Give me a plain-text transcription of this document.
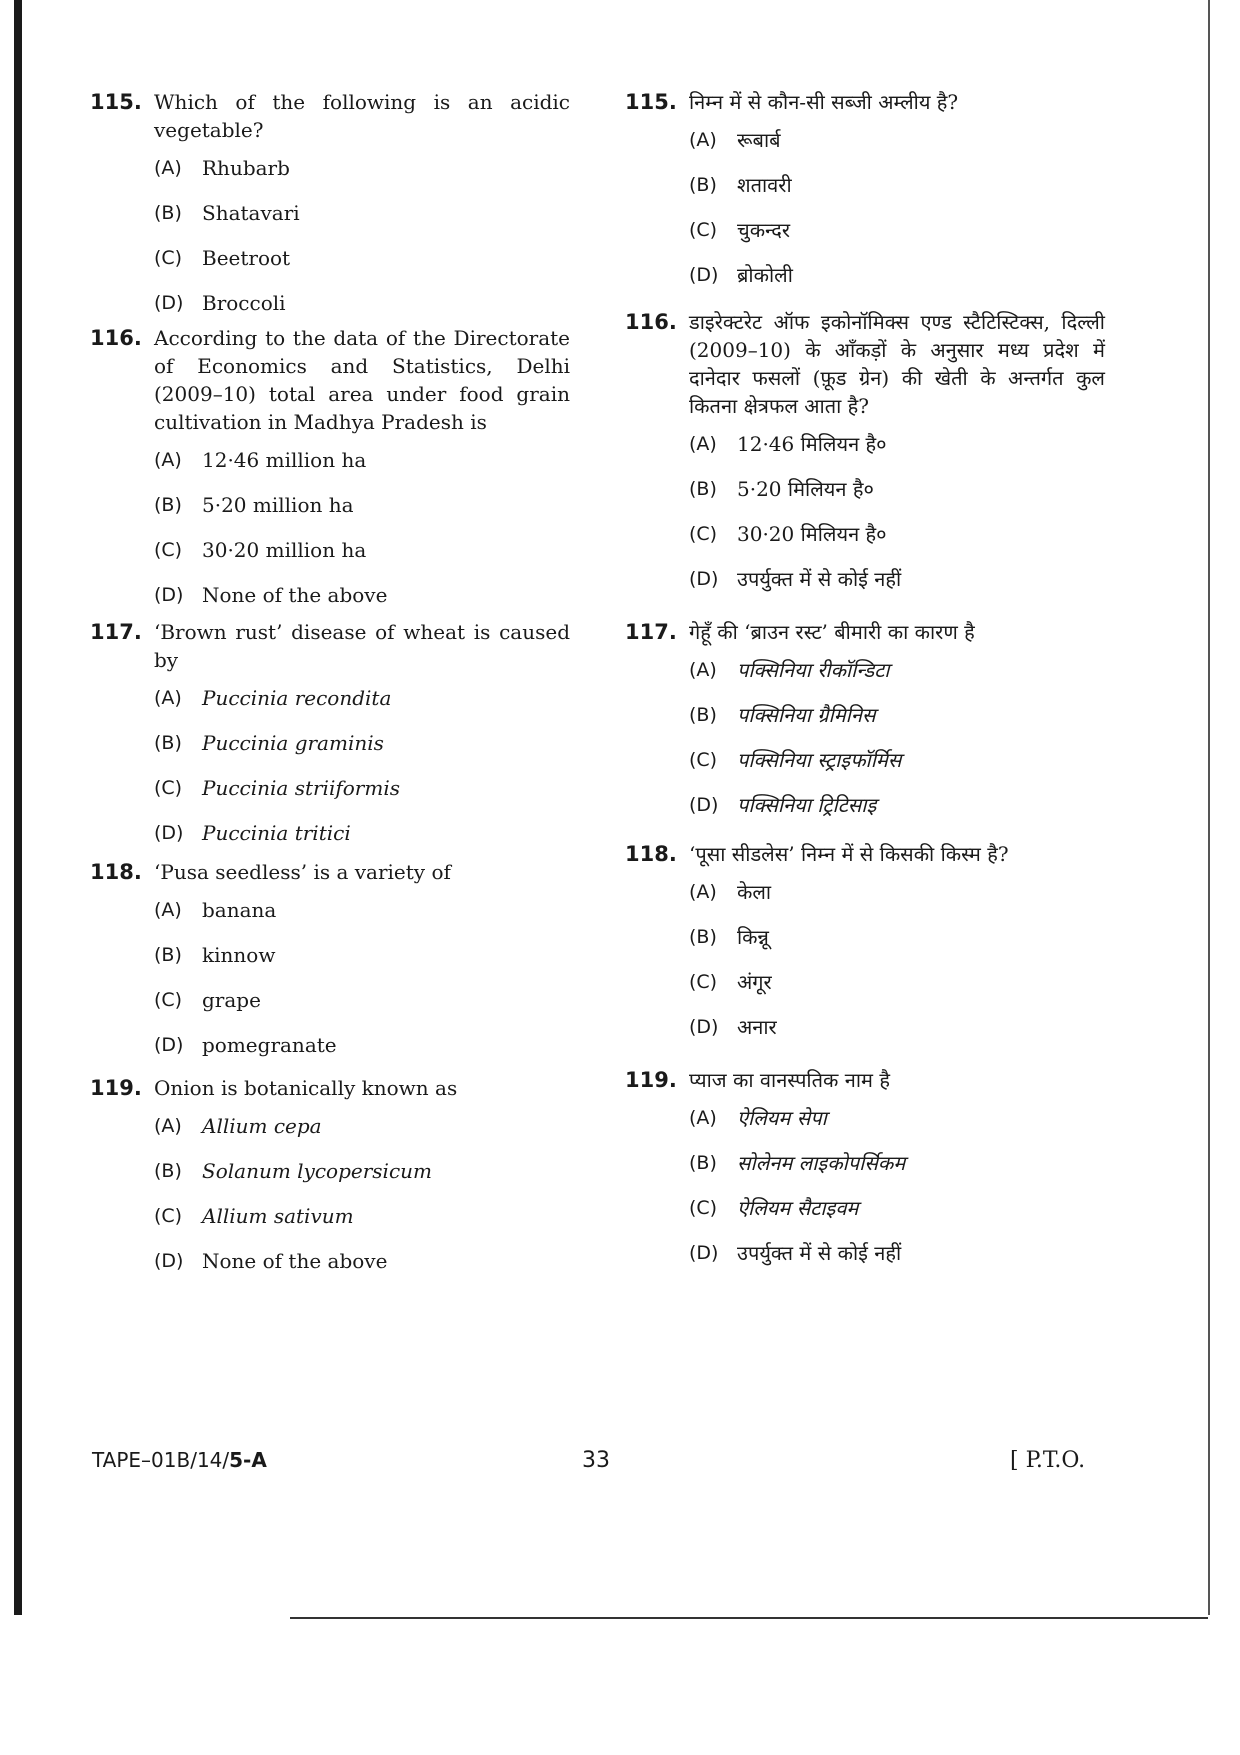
115. Which of the following is an acidic vegetable?
(A)	Rhubarb
(B)	Shatavari
(C) Beetroot
(D) Broccoli
116. According to the data of the Directorate of Economics and Statistics, Delhi (2009–10) total area under food grain cultivation in Madhya Pradesh is
(A)	12·46 million ha
(B)	5·20 million ha
(C) 30·20 million ha
(D) None of the above
117. ‘Brown rust’ disease of wheat is caused by
(A)	Puccinia recondita
(B)	Puccinia graminis
(C) Puccinia striiformis
(D) Puccinia tritici
118. ‘Pusa seedless’ is a variety of
(A)	banana
(B)	kinnow
(C) grape
(D) pomegranate
119. Onion is botanically known as
(A)	Allium cepa
(B)	Solanum lycopersicum
(C) Allium sativum
(D) None of the above
115. निम्न में से कौन-सी सब्जी अम्लीय है?
(A)	रूबार्ब
(B)	शतावरी
(C) चुकन्दर
(D) ब्रोकोली
116. डाइरेक्टरेट ऑफ इकोनॉमिक्स एण्ड स्टैटिस्टिक्स, दिल्ली (2009–10) के आँकड़ों के अनुसार मध्य प्रदेश में दानेदार फसलों (फ़ूड ग्रेन) की खेती के अन्तर्गत कुल कितना क्षेत्रफल आता है?
(A)	12·46 मिलियन है०
(B)	5·20 मिलियन है०
(C) 30·20 मिलियन है०
(D) उपर्युक्त में से कोई नहीं
117. गेहूँ की ‘ब्राउन रस्ट’ बीमारी का कारण है
(A)	पक्सिनिया रीकॉन्डिटा
(B)	पक्सिनिया ग्रैमिनिस
(C) पक्सिनिया स्ट्राइफॉर्मिस
(D) पक्सिनिया ट्रिटिसाइ
118. ‘पूसा सीडलेस’ निम्न में से किसकी किस्म है?
(A)	केला
(B)	किन्नू
(C) अंगूर
(D) अनार
119. प्याज का वानस्पतिक नाम है
(A)	ऐलियम सेपा
(B)	सोलेनम लाइकोपर्सिकम
(C) ऐलियम सैटाइवम
(D) उपर्युक्त में से कोई नहीं
TAPE–01B/14/5-A	33	[ P.T.O.
